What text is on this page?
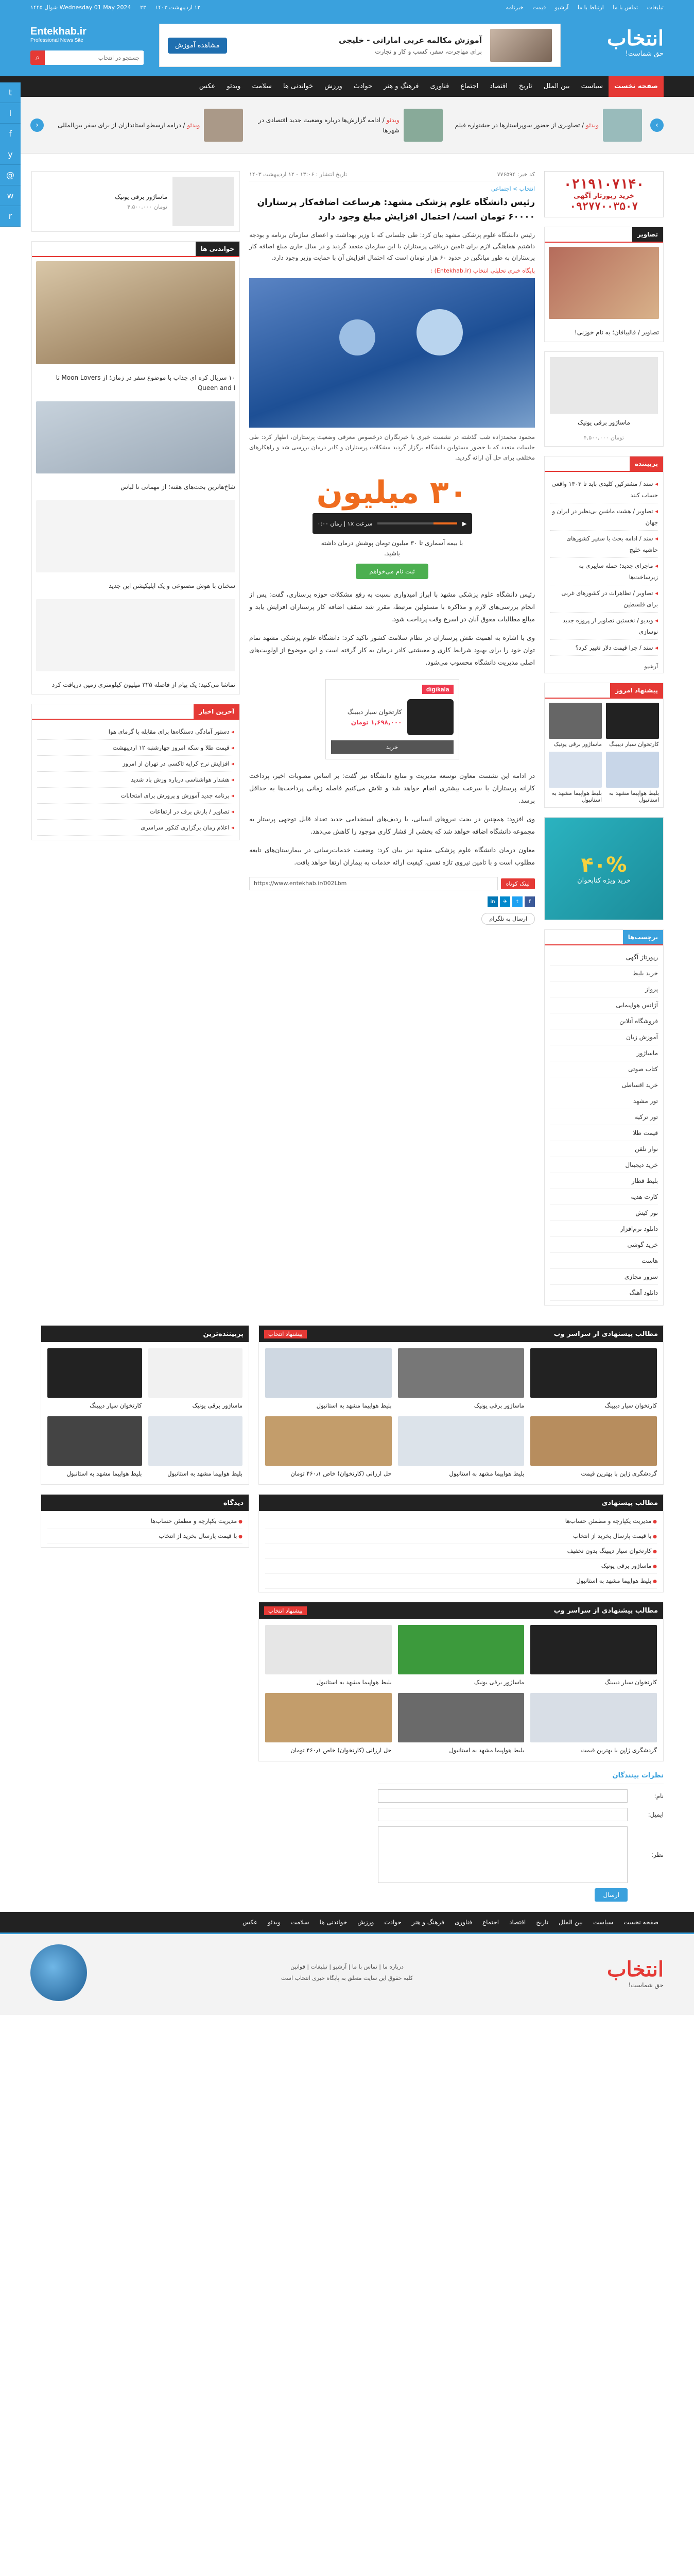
تبلیغات تماس با ما ارتباط با ما آرشیو قیمت خبرنامه
۱۲ اردیبهشت ۱۴۰۳ Wednesday 01 May 2024 ۲۳ شوال ۱۴۴۵
انتخاب
حق شماست!
آموزش مکالمه عربی اماراتی - خلیجی
برای مهاجرت، سفر، کسب و کار و تجارت
مشاهده آموزش
Entekhab.ir
Professional News Site
جستجو در انتخاب
⌕
صفحه نخست
سیاست
بین الملل
تاریخ
اقتصاد
اجتماع
فناوری
فرهنگ و هنر
حوادث
ورزش
خواندنی ها
سلامت
ویدئو
عکس
›
ویدئو / تصاویری از حضور سوپراستارها در جشنواره فیلم
ویدئو / ادامه گزارش‌ها درباره وضعیت جدید اقتصادی در شهرها
ویدئو / درامه ارسطو استانداران از برای سفر بین‌المللی
‹
t
i
f
y
@
w
r
۰۲۱۹۱۰۷۱۴۰
خرید رپورتاژ آگهی
۰۹۲۷۷۰۰۳۵۰۷
تصاویر
تصاویر / قالیبافان؛ به نام خوزنی!
ماساژور برقی یونیک
۴,۵۰۰,۰۰۰ تومان
پربیننده
◂ سند / مشترکین کلیدی باید تا ۱۴۰۳ واقعی حساب کنند
◂ تصاویر / هشت ماشین بی‌نظیر در ایران و جهان
◂ سند / ادامه بحث با سفیر کشورهای حاشیه خلیج
◂ ماجرای جدید؛ حمله سایبری به زیرساخت‌ها
◂ تصاویر / تظاهرات در کشورهای غربی برای فلسطین
◂ ویدیو / نخستین تصاویر از پروژه جدید نوسازی
◂ سند / چرا قیمت دلار تغییر کرد؟
آرشیو
پیشنهاد امروز
کارتخوان سیار دیبینگ
ماساژور برقی یونیک
بلیط هواپیما مشهد به استانبول
بلیط هواپیما مشهد به استانبول
۴۰%
خرید ویژه کتابخوان
برچسب‌ها
رپورتاژ آگهی
خرید بلیط
پرواز
آژانس هواپیمایی
فروشگاه آنلاین
آموزش زبان
ماساژور
کتاب صوتی
خرید اقساطی
تور مشهد
تور ترکیه
قیمت طلا
نوار تلفن
خرید دیجیتال
بلیط قطار
کارت هدیه
تور کیش
دانلود نرم‌افزار
خرید گوشی
هاست
سرور مجازی
دانلود آهنگ
کد خبر: ۷۷۶۵۹۴
تاریخ انتشار : ۱۳:۰۶ - ۱۲ اردیبهشت ۱۴۰۳
انتخاب > اجتماعی
رئیس دانشگاه علوم پزشکی مشهد: هرساعت اضافه‌کار پرستاران ۶۰۰۰۰ تومان است/ احتمال افزایش مبلغ وجود دارد
رئیس دانشگاه علوم پزشکی مشهد بیان کرد: طی جلساتی که با وزیر بهداشت و اعضای سازمان برنامه و بودجه داشتیم هماهنگی لازم برای تامین دریافتی پرستاران با این سازمان منعقد گردید و در سال جاری مبلغ اضافه کار پرستاران به طور میانگین در حدود ۶۰ هزار تومان است که احتمال افزایش آن با حمایت وزیر وجود دارد.
پایگاه خبری تحلیلی انتخاب (Entekhab.ir) :
محمود محمدزاده شب گذشته در نشست خبری با خبرنگاران درخصوص معرفی وضعیت پرستاران، اظهار کرد: طی جلسات متعدد که با حضور مسئولین دانشگاه برگزار گردید مشکلات پرستاران و کادر درمان بررسی شد و راهکارهای مختلفی برای حل آن ارائه گردید.
۳۰ میلیون
▶
سرعت ۱x | زمان ۰:۰۰
با بیمه آسماری تا ۳۰ میلیون تومان پوشش درمان داشته باشید.
ثبت نام می‌خواهم

رئیس دانشگاه علوم پزشکی مشهد با ابراز امیدواری نسبت به رفع مشکلات حوزه پرستاری، گفت: پس از انجام بررسی‌های لازم و مذاکره با مسئولین مرتبط، مقرر شد سقف اضافه کار پرستاران افزایش یابد و مبالغ مطالبات معوق آنان در اسرع وقت پرداخت شود.

وی با اشاره به اهمیت نقش پرستاران در نظام سلامت کشور تاکید کرد: دانشگاه علوم پزشکی مشهد تمام توان خود را برای بهبود شرایط کاری و معیشتی کادر درمان به کار گرفته است و این موضوع از اولویت‌های اصلی مدیریت دانشگاه محسوب می‌شود.

digikala
کارتخوان سیار دیبینگ
۱,۶۹۸,۰۰۰ تومان
خرید

در ادامه این نشست معاون توسعه مدیریت و منابع دانشگاه نیز گفت: بر اساس مصوبات اخیر، پرداخت کارانه پرستاران با سرعت بیشتری انجام خواهد شد و تلاش می‌کنیم فاصله زمانی پرداخت‌ها به حداقل برسد.

وی افزود: همچنین در بحث نیروهای انسانی، با ردیف‌های استخدامی جدید تعداد قابل توجهی پرستار به مجموعه دانشگاه اضافه خواهد شد که بخشی از فشار کاری موجود را کاهش می‌دهد.

معاون درمان دانشگاه علوم پزشکی مشهد نیز بیان کرد: وضعیت خدمات‌رسانی در بیمارستان‌های تابعه مطلوب است و با تامین نیروی تازه نفس، کیفیت ارائه خدمات به بیماران ارتقا خواهد یافت.

لینک کوتاه
https://www.entekhab.ir/002Lbm
f
t
✈
in
ارسال به تلگرام
ماساژور برقی یونیک
۴,۵۰۰,۰۰۰ تومان
خواندنی ها
۱۰ سریال کره ای جذاب با موضوع سفر در زمان؛ از Moon Lovers تا Queen and I
شاخ‌ها‌ترین‌ بحث‌های هفته؛ از مهمانی تا لباس
سخنان با هوش مصنوعی و یک اپلیکیشن این جدید
تماشا می‌کنید؛ یک پیام از فاصله ۳۲۵ میلیون کیلومتری زمین دریافت کرد
آخرین اخبار
◂ دستور آمادگی دستگاه‌ها برای مقابله با گرمای هوا
◂ قیمت طلا و سکه امروز چهارشنبه ۱۲ اردیبهشت
◂ افزایش نرخ کرایه تاکسی در تهران از امروز
◂ هشدار هواشناسی درباره وزش باد شدید
◂ برنامه جدید آموزش و پرورش برای امتحانات
◂ تصاویر / بارش برف در ارتفاعات
◂ اعلام زمان برگزاری کنکور سراسری
مطالب پیشنهادی از سراسر وب
پیشنهاد انتخاب
کارتخوان سیار دیبینگ
ماساژور برقی یونیک
بلیط هواپیما مشهد به استانبول
گردشگری ژاپن با بهترین قیمت
بلیط هواپیما مشهد به استانبول
حل ارزانی (کارتخوان) خاص ۴۶۰٫۱ تومان
مطالب پیشنهادی
● مدیریت یکپارچه و مطمئن حساب‌ها
● با قیمت پارسال بخرید از انتخاب
● کارتخوان سیار دیبینگ بدون تخفیف
● ماساژور برقی یونیک
● بلیط هواپیما مشهد به استانبول
مطالب پیشنهادی از سراسر وب
پیشنهاد انتخاب
کارتخوان سیار دیبینگ
ماساژور برقی یونیک
بلیط هواپیما مشهد به استانبول
گردشگری ژاپن با بهترین قیمت
بلیط هواپیما مشهد به استانبول
حل ارزانی (کارتخوان) خاص ۴۶۰٫۱ تومان
نظرات بینندگان
نام:
ایمیل:
نظر:
ارسال
پربیننده‌ترین
ماساژور برقی یونیک
کارتخوان سیار دیبینگ
بلیط هواپیما مشهد به استانبول
بلیط هواپیما مشهد به استانبول
دیدگاه
● مدیریت یکپارچه و مطمئن حساب‌ها
● با قیمت پارسال بخرید از انتخاب
صفحه نخست
سیاست
بین الملل
تاریخ
اقتصاد
اجتماع
فناوری
فرهنگ و هنر
حوادث
ورزش
خواندنی ها
سلامت
ویدئو
عکس
انتخاب
حق شماست!
درباره ما | تماس با ما | آرشیو | تبلیغات | قوانین
کلیه حقوق این سایت متعلق به پایگاه خبری انتخاب است
